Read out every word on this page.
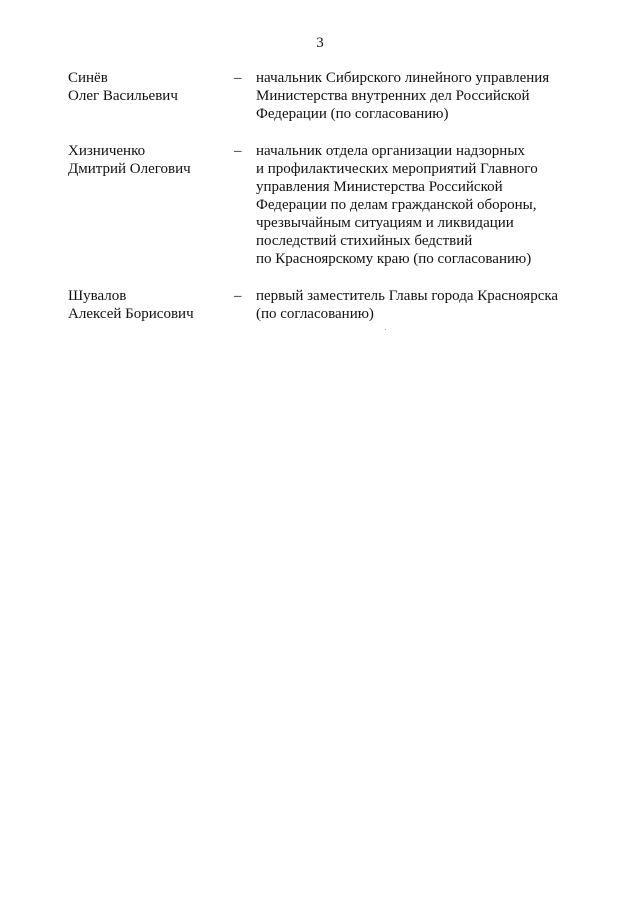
3
Синёв
Олег Васильевич
– начальник Сибирского линейного управления
Министерства внутренних дел Российской
Федерации (по согласованию)
Хизниченко
Дмитрий Олегович
– начальник отдела организации надзорных
и профилактических мероприятий Главного
управления Министерства Российской
Федерации по делам гражданской обороны,
чрезвычайным ситуациям и ликвидации
последствий стихийных бедствий
по Красноярскому краю (по согласованию)
Шувалов
Алексей Борисович
– первый заместитель Главы города Красноярска
(по согласованию)
